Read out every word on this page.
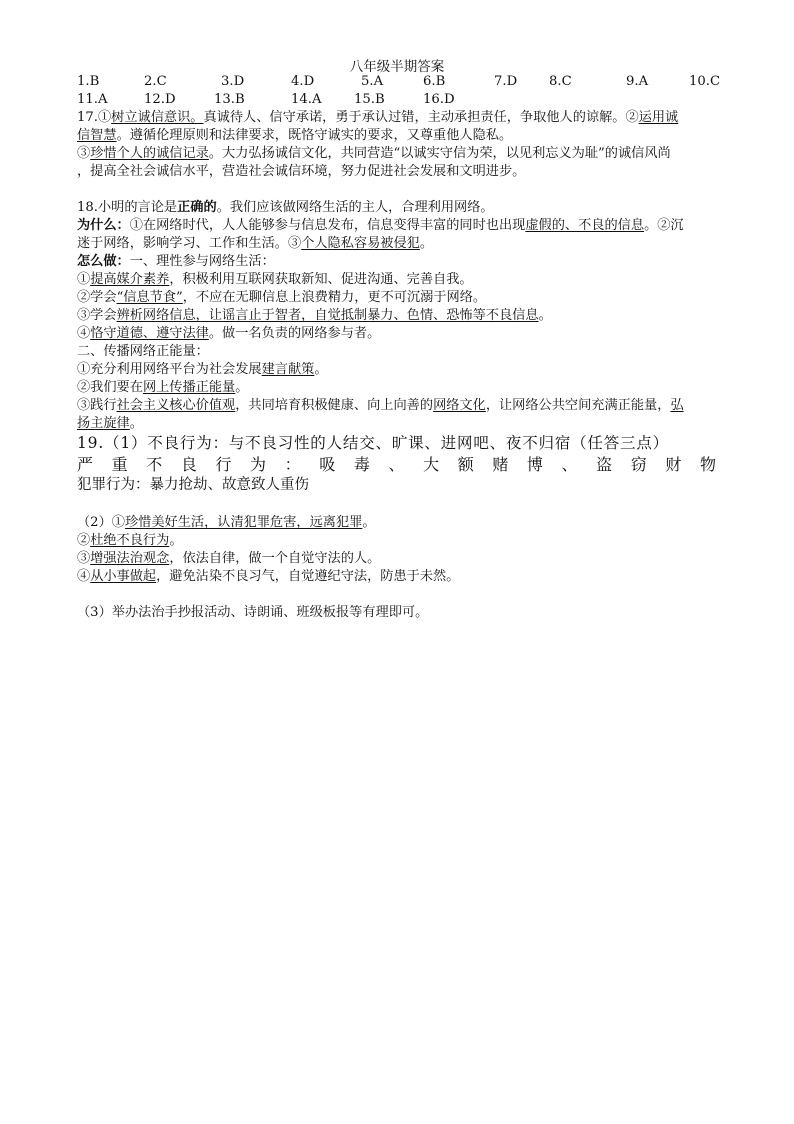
八年级半期答案
1.B	2.C	3.D	4.D	5.A	6.B	7.D 8.C	9.A	10.C
11.A	12.D	13.B	14.A 15.B	16.D
17.①树立诚信意识。真诚待人、信守承诺，勇于承认过错，主动承担责任，争取他人的谅解。②运用诚
信智慧。遵循伦理原则和法律要求，既恪守诚实的要求，又尊重他人隐私。
③珍惜个人的诚信记录。大力弘扬诚信文化，共同营造“以诚实守信为荣，以见利忘义为耻”的诚信风尚
，提高全社会诚信水平，营造社会诚信环境，努力促进社会发展和文明进步。
18.小明的言论是正确的。我们应该做网络生活的主人，合理利用网络。
为什么：①在网络时代，人人能够参与信息发布，信息变得丰富的同时也出现虚假的、不良的信息。②沉
迷于网络，影响学习、工作和生活。③个人隐私容易被侵犯。
怎么做：一、理性参与网络生活：
①提高媒介素养，积极利用互联网获取新知、促进沟通、完善自我。
②学会“信息节食”，不应在无聊信息上浪费精力，更不可沉溺于网络。
③学会辨析网络信息，让谣言止于智者，自觉抵制暴力、色情、恐怖等不良信息。
④恪守道德、遵守法律。做一名负责的网络参与者。
二、传播网络正能量：
①充分利用网络平台为社会发展建言献策。
②我们要在网上传播正能量。
③践行社会主义核心价值观，共同培育积极健康、向上向善的网络文化，让网络公共空间充满正能量，弘
扬主旋律。
19.（1）不良行为：与不良习性的人结交、旷课、进网吧、夜不归宿（任答三点）
严 重 不 良 行 为 ： 吸 毒 、 大 额 赌 博 、 盗 窃 财 物
犯罪行为：暴力抢劫、故意致人重伤
（2）①珍惜美好生活，认清犯罪危害，远离犯罪。
②杜绝不良行为。
③增强法治观念，依法自律，做一个自觉守法的人。
④从小事做起，避免沾染不良习气，自觉遵纪守法，防患于未然。
（3）举办法治手抄报活动、诗朗诵、班级板报等有理即可。
